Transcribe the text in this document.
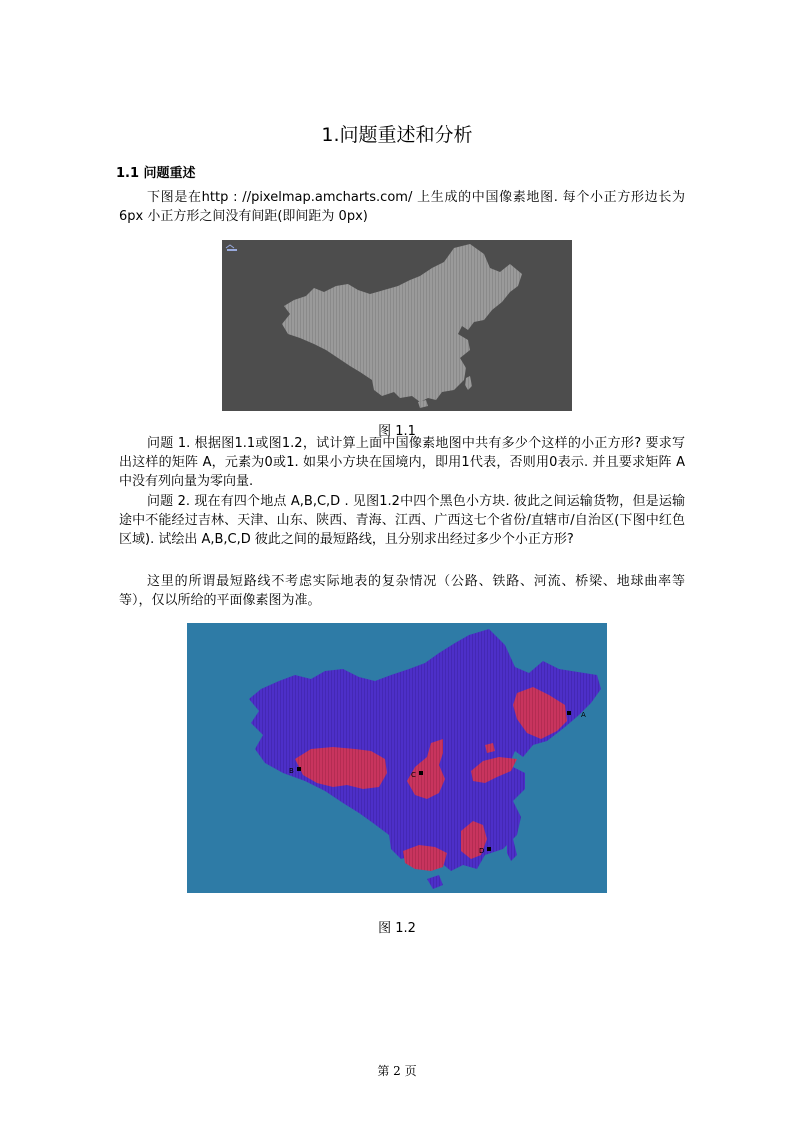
1.问题重述和分析
1.1 问题重述
下图是在http : //pixelmap.amcharts.com/ 上生成的中国像素地图. 每个小正方形边长为6px 小正方形之间没有间距(即间距为 0px)
图 1.1
问题 1. 根据图1.1或图1.2，试计算上面中国像素地图中共有多少个这样的小正方形? 要求写出这样的矩阵 A，元素为0或1. 如果小方块在国境内，即用1代表，否则用0表示. 并且要求矩阵 A 中没有列向量为零向量.
问题 2. 现在有四个地点 A,B,C,D . 见图1.2中四个黑色小方块. 彼此之间运输货物，但是运输途中不能经过吉林、天津、山东、陕西、青海、江西、广西这七个省份/直辖市/自治区(下图中红色区域). 试绘出 A,B,C,D 彼此之间的最短路线，且分别求出经过多少个小正方形?
这里的所谓最短路线不考虑实际地表的复杂情况（公路、铁路、河流、桥梁、地球曲率等等），仅以所给的平面像素图为准。
A
B	C
D
图 1.2
第 2 页
